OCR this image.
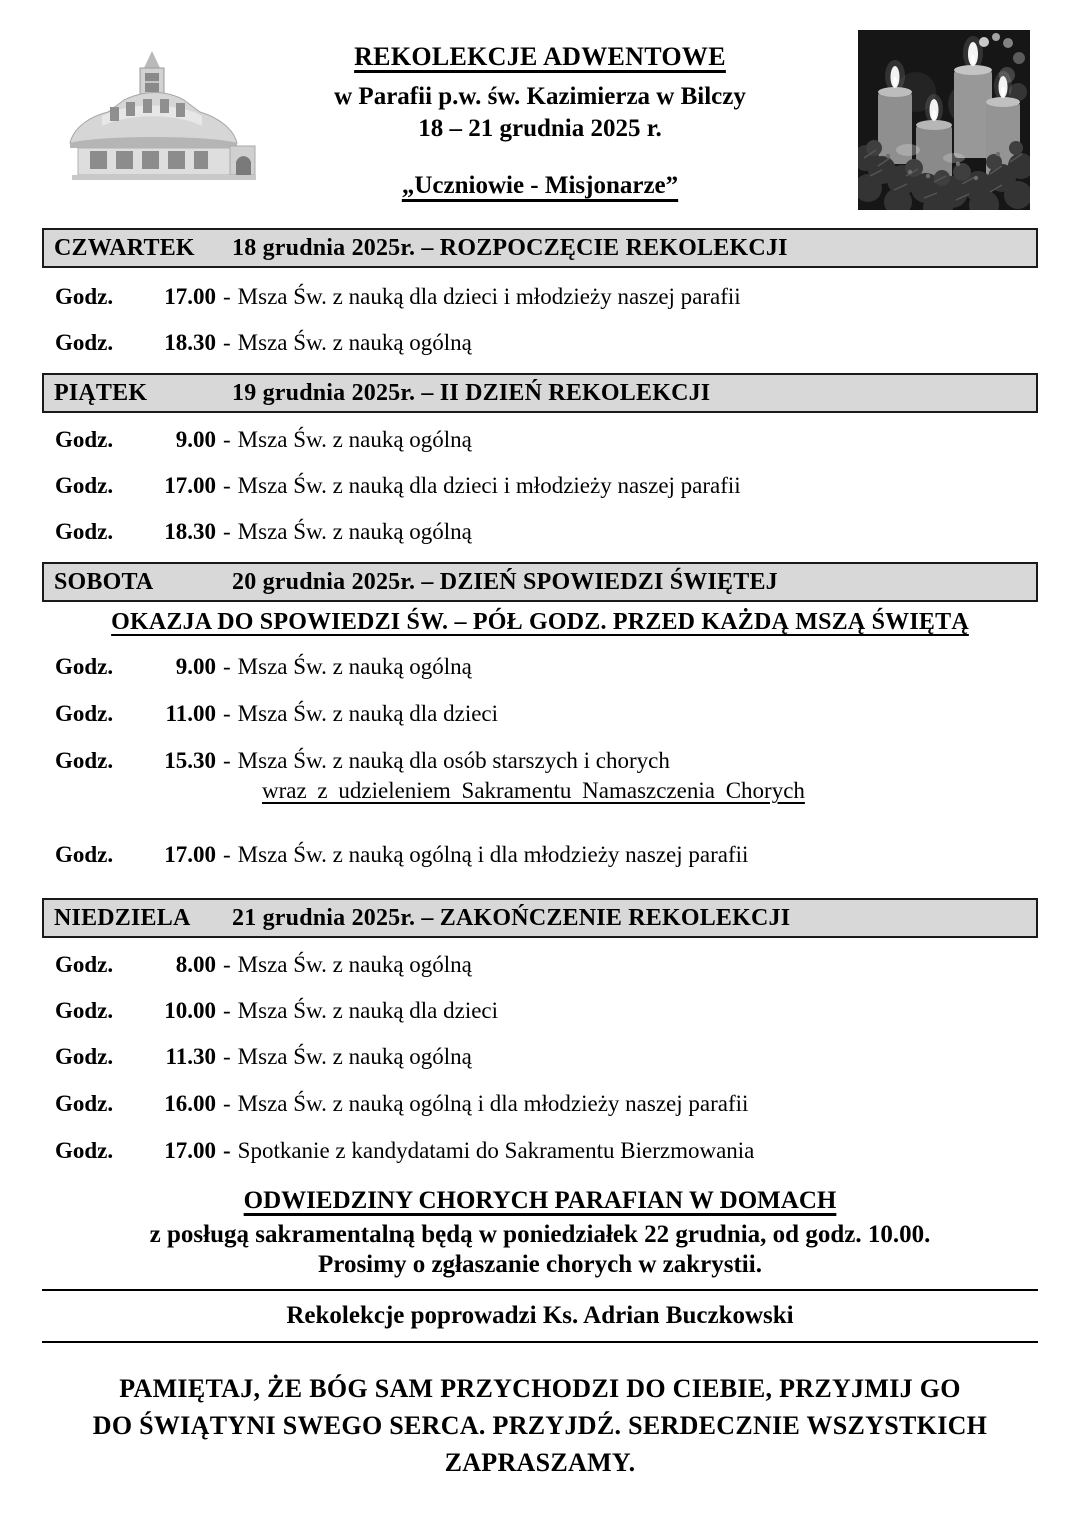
REKOLEKCJE ADWENTOWE
w Parafii p.w. św. Kazimierza w Bilczy
18 – 21 grudnia 2025 r.
„Uczniowie - Misjonarze”
CZWARTEK 18 grudnia 2025r. – ROZPOCZĘCIE REKOLEKCJI
Godz. 17.00 - Msza Św. z nauką dla dzieci i młodzieży naszej parafii
Godz. 18.30 - Msza Św. z nauką ogólną
PIĄTEK	19 grudnia 2025r. – II DZIEŃ REKOLEKCJI
Godz.	9.00 - Msza Św. z nauką ogólną
Godz. 17.00 - Msza Św. z nauką dla dzieci i młodzieży naszej parafii
Godz. 18.30 - Msza Św. z nauką ogólną
SOBOTA	20 grudnia 2025r. – DZIEŃ SPOWIEDZI ŚWIĘTEJ
OKAZJA DO SPOWIEDZI ŚW. – PÓŁ GODZ. PRZED KAŻDĄ MSZĄ ŚWIĘTĄ
Godz.	9.00 - Msza Św. z nauką ogólną
Godz. 11.00 - Msza Św. z nauką dla dzieci
Godz. 15.30 - Msza Św. z nauką dla osób starszych i chorych
wraz z udzieleniem Sakramentu Namaszczenia Chorych
Godz. 17.00 - Msza Św. z nauką ogólną i dla młodzieży naszej parafii
NIEDZIELA 21 grudnia 2025r. – ZAKOŃCZENIE REKOLEKCJI
Godz.	8.00 - Msza Św. z nauką ogólną
Godz. 10.00 - Msza Św. z nauką dla dzieci
Godz. 11.30 - Msza Św. z nauką ogólną
Godz. 16.00 - Msza Św. z nauką ogólną i dla młodzieży naszej parafii
Godz. 17.00 - Spotkanie z kandydatami do Sakramentu Bierzmowania
ODWIEDZINY CHORYCH PARAFIAN W DOMACH
z posługą sakramentalną będą w poniedziałek 22 grudnia, od godz. 10.00.
Prosimy o zgłaszanie chorych w zakrystii.
Rekolekcje poprowadzi Ks. Adrian Buczkowski
PAMIĘTAJ, ŻE BÓG SAM PRZYCHODZI DO CIEBIE, PRZYJMIJ GO
DO ŚWIĄTYNI SWEGO SERCA. PRZYJDŹ. SERDECZNIE WSZYSTKICH
ZAPRASZAMY.
